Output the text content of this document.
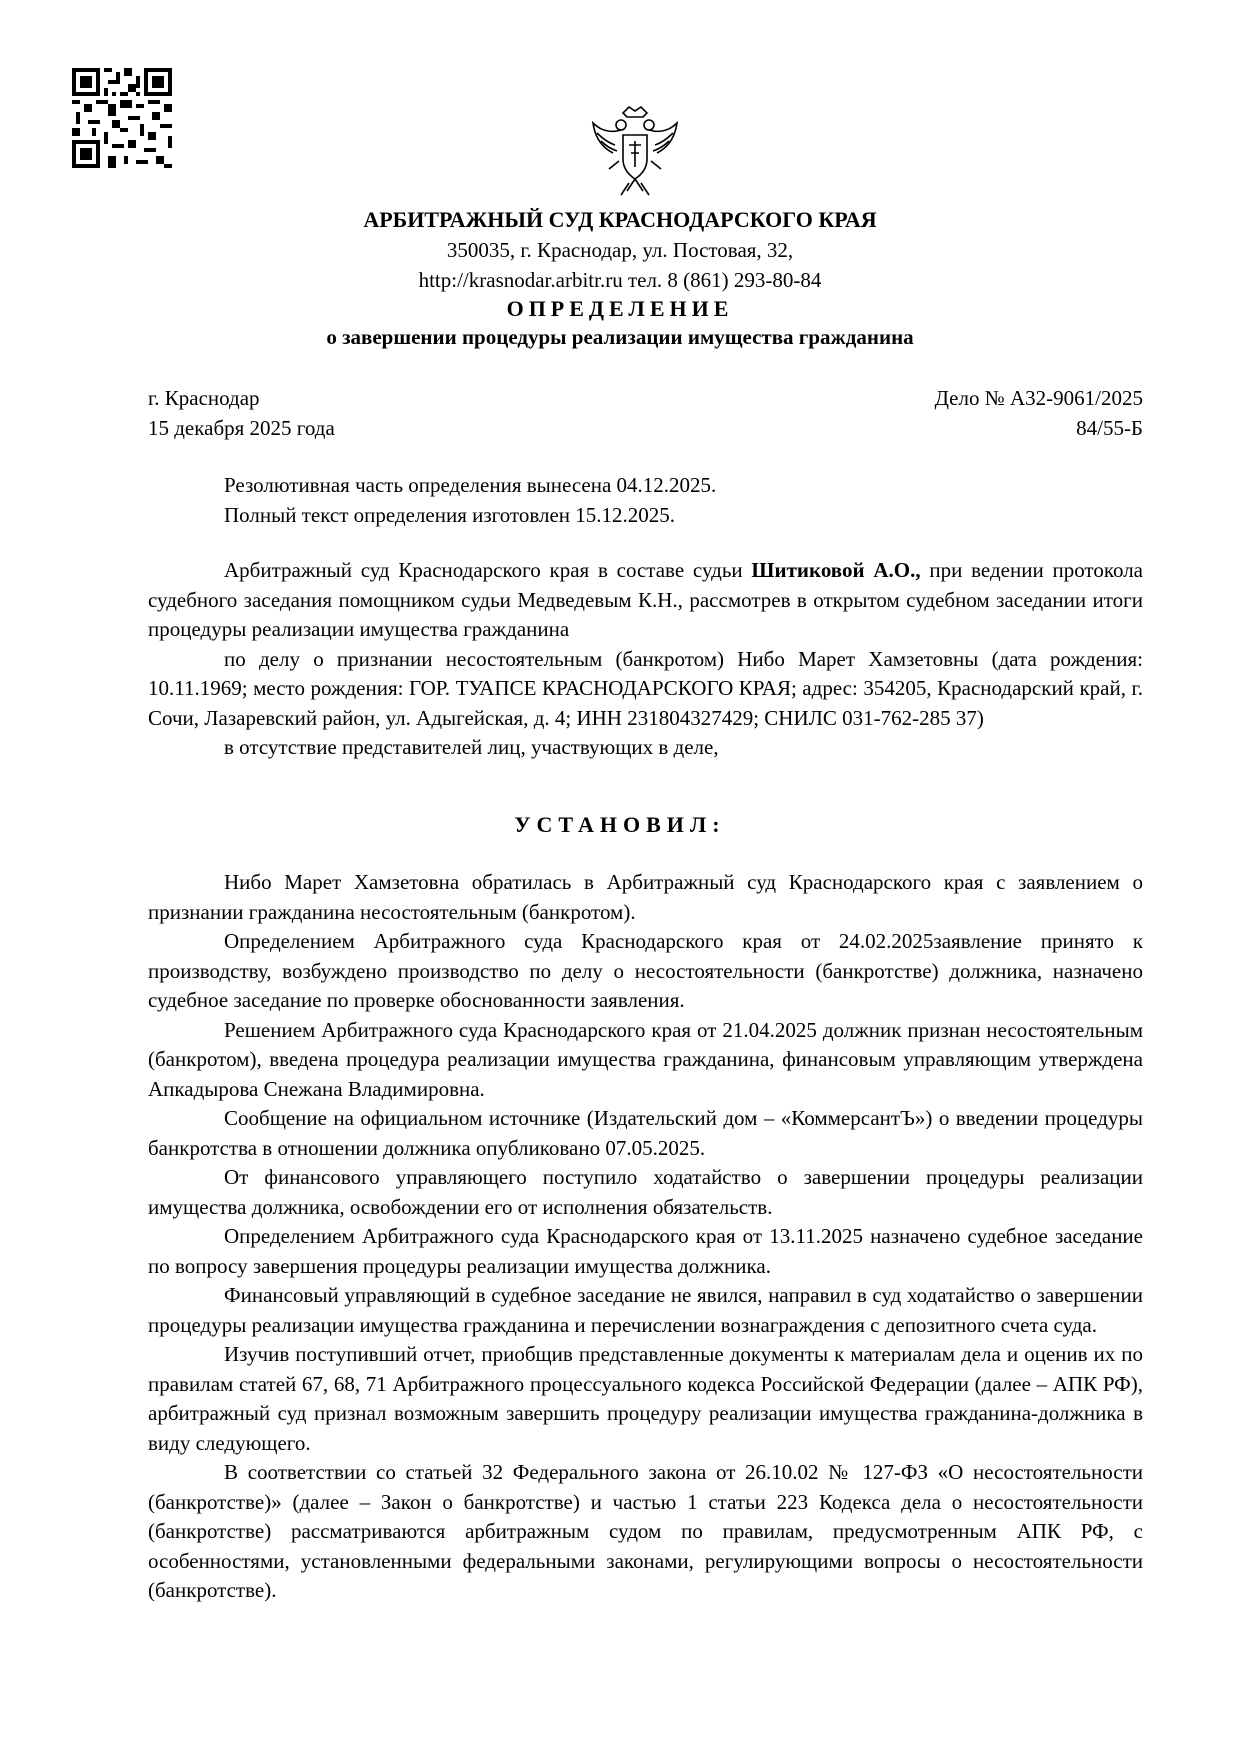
АРБИТРАЖНЫЙ СУД КРАСНОДАРСКОГО КРАЯ
350035, г. Краснодар, ул. Постовая, 32,
http://krasnodar.arbitr.ru тел. 8 (861) 293-80-84
ОПРЕДЕЛЕНИЕ
о завершении процедуры реализации имущества гражданина
г. Краснодар
15 декабря 2025 года
Дело № А32-9061/2025
84/55-Б
Резолютивная часть определения вынесена 04.12.2025.
Полный текст определения изготовлен 15.12.2025.

Арбитражный суд Краснодарского края в составе судьи Шитиковой А.О., при ведении протокола судебного заседания помощником судьи Медведевым К.Н., рассмотрев в открытом судебном заседании итоги процедуры реализации имущества гражданина

по делу о признании несостоятельным (банкротом) Нибо Марет Хамзетовны (дата рождения: 10.11.1969; место рождения: ГОР. ТУАПСЕ КРАСНОДАРСКОГО КРАЯ; адрес: 354205, Краснодарский край, г. Сочи, Лазаревский район, ул. Адыгейская, д. 4; ИНН 231804327429; СНИЛС 031-762-285 37)

в отсутствие представителей лиц, участвующих в деле,

УСТАНОВИЛ:

Нибо Марет Хамзетовна обратилась в Арбитражный суд Краснодарского края с заявлением о признании гражданина несостоятельным (банкротом).

Определением Арбитражного суда Краснодарского края от 24.02.2025заявление принято к производству, возбуждено производство по делу о несостоятельности (банкротстве) должника, назначено судебное заседание по проверке обоснованности заявления.

Решением Арбитражного суда Краснодарского края от 21.04.2025 должник признан несостоятельным (банкротом), введена процедура реализации имущества гражданина, финансовым управляющим утверждена Апкадырова Снежана Владимировна.

Сообщение на официальном источнике (Издательский дом – «КоммерсантЪ») о введении процедуры банкротства в отношении должника опубликовано 07.05.2025.

От финансового управляющего поступило ходатайство о завершении процедуры реализации имущества должника, освобождении его от исполнения обязательств.

Определением Арбитражного суда Краснодарского края от 13.11.2025 назначено судебное заседание по вопросу завершения процедуры реализации имущества должника.

Финансовый управляющий в судебное заседание не явился, направил в суд ходатайство о завершении процедуры реализации имущества гражданина и перечислении вознаграждения с депозитного счета суда.

Изучив поступивший отчет, приобщив представленные документы к материалам дела и оценив их по правилам статей 67, 68, 71 Арбитражного процессуального кодекса Российской Федерации (далее – АПК РФ), арбитражный суд признал возможным завершить процедуру реализации имущества гражданина-должника в виду следующего.

В соответствии со статьей 32 Федерального закона от 26.10.02 № 127-ФЗ «О несостоятельности (банкротстве)» (далее – Закон о банкротстве) и частью 1 статьи 223 Кодекса дела о несостоятельности (банкротстве) рассматриваются арбитражным судом по правилам, предусмотренным АПК РФ, с особенностями, установленными федеральными законами, регулирующими вопросы о несостоятельности (банкротстве).
